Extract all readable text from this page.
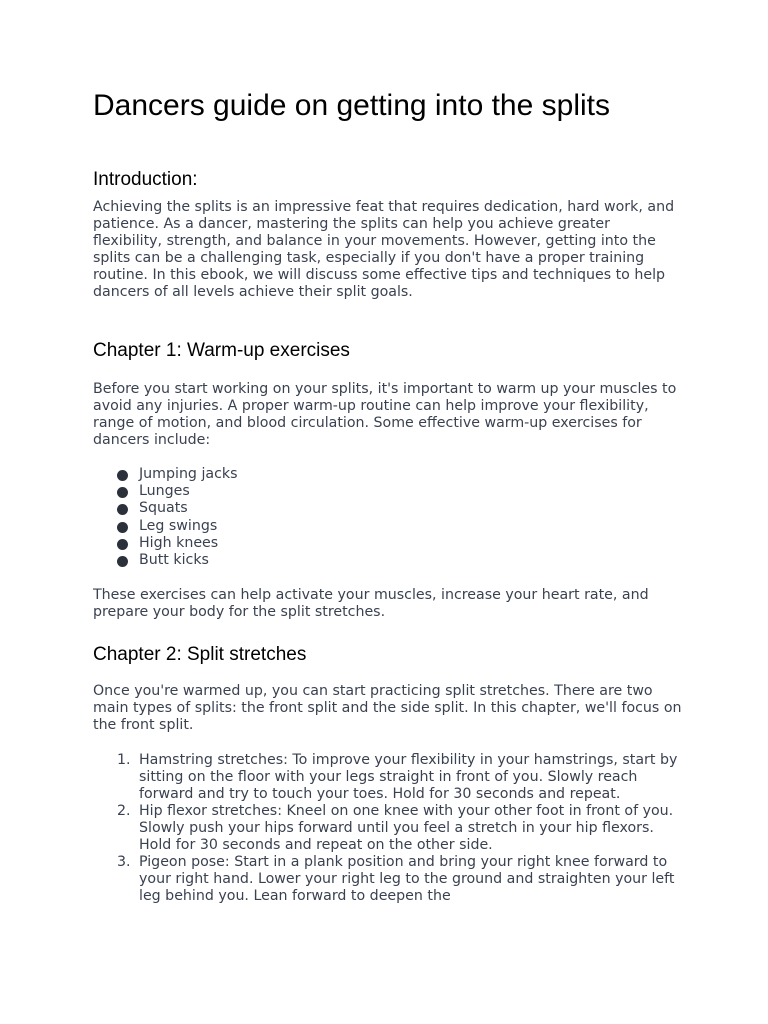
Dancers guide on getting into the splits
Introduction:

Achieving the splits is an impressive feat that requires dedication, hard work, and patience. As a dancer, mastering the splits can help you achieve greater flexibility, strength, and balance in your movements. However, getting into the splits can be a challenging task, especially if you don't have a proper training routine. In this ebook, we will discuss some effective tips and techniques to help dancers of all levels achieve their split goals.

Chapter 1: Warm-up exercises

Before you start working on your splits, it's important to warm up your muscles to avoid any injuries. A proper warm-up routine can help improve your flexibility, range of motion, and blood circulation. Some effective warm-up exercises for dancers include:

Jumping jacks
Lunges
Squats
Leg swings
High knees
Butt kicks

These exercises can help activate your muscles, increase your heart rate, and prepare your body for the split stretches.

Chapter 2: Split stretches

Once you're warmed up, you can start practicing split stretches. There are two main types of splits: the front split and the side split. In this chapter, we'll focus on the front split.

1. Hamstring stretches: To improve your flexibility in your hamstrings, start by sitting on the floor with your legs straight in front of you. Slowly reach forward and try to touch your toes. Hold for 30 seconds and repeat.
2. Hip flexor stretches: Kneel on one knee with your other foot in front of you. Slowly push your hips forward until you feel a stretch in your hip flexors. Hold for 30 seconds and repeat on the other side.
3. Pigeon pose: Start in a plank position and bring your right knee forward to your right hand. Lower your right leg to the ground and straighten your left leg behind you. Lean forward to deepen the
